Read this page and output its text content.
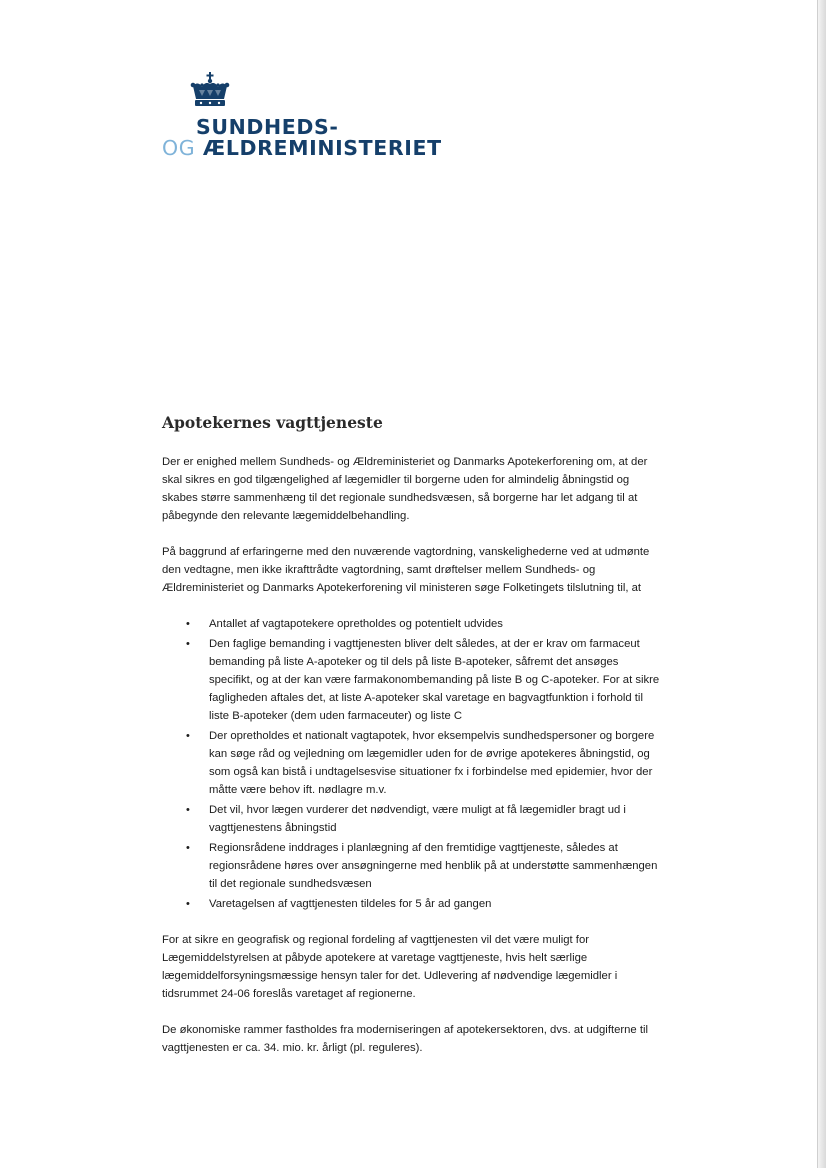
SUNDHEDS-
OG ÆLDREMINISTERIET
Apotekernes vagttjeneste

Der er enighed mellem Sundheds- og Ældreministeriet og Danmarks Apotekerforening om, at der skal sikres en god tilgængelighed af lægemidler til borgerne uden for almindelig åbningstid og skabes større sammenhæng til det regionale sundhedsvæsen, så borgerne har let adgang til at påbegynde den relevante lægemiddelbehandling.

På baggrund af erfaringerne med den nuværende vagtordning, vanskelighederne ved at udmønte den vedtagne, men ikke ikrafttrådte vagtordning, samt drøftelser mellem Sundheds- og Ældreministeriet og Danmarks Apotekerforening vil ministeren søge Folketingets tilslutning til, at

• Antallet af vagtapotekere opretholdes og potentielt udvides
• Den faglige bemanding i vagttjenesten bliver delt således, at der er krav om farmaceut bemanding på liste A-apoteker og til dels på liste B-apoteker, såfremt det ansøges specifikt, og at der kan være farmakonombemanding på liste B og C-apoteker. For at sikre fagligheden aftales det, at liste A-apoteker skal varetage en bagvagtfunktion i forhold til liste B-apoteker (dem uden farmaceuter) og liste C
• Der opretholdes et nationalt vagtapotek, hvor eksempelvis sundhedspersoner og borgere kan søge råd og vejledning om lægemidler uden for de øvrige apotekeres åbningstid, og som også kan bistå i undtagelsesvise situationer fx i forbindelse med epidemier, hvor der måtte være behov ift. nødlagre m.v.
• Det vil, hvor lægen vurderer det nødvendigt, være muligt at få lægemidler bragt ud i vagttjenestens åbningstid
• Regionsrådene inddrages i planlægning af den fremtidige vagttjeneste, således at regionsrådene høres over ansøgningerne med henblik på at understøtte sammenhængen til det regionale sundhedsvæsen
• Varetagelsen af vagttjenesten tildeles for 5 år ad gangen

For at sikre en geografisk og regional fordeling af vagttjenesten vil det være muligt for Lægemiddelstyrelsen at påbyde apotekere at varetage vagttjeneste, hvis helt særlige lægemiddelforsyningsmæssige hensyn taler for det. Udlevering af nødvendige lægemidler i tidsrummet 24-06 foreslås varetaget af regionerne.

De økonomiske rammer fastholdes fra moderniseringen af apotekersektoren, dvs. at udgifterne til vagttjenesten er ca. 34. mio. kr. årligt (pl. reguleres).
